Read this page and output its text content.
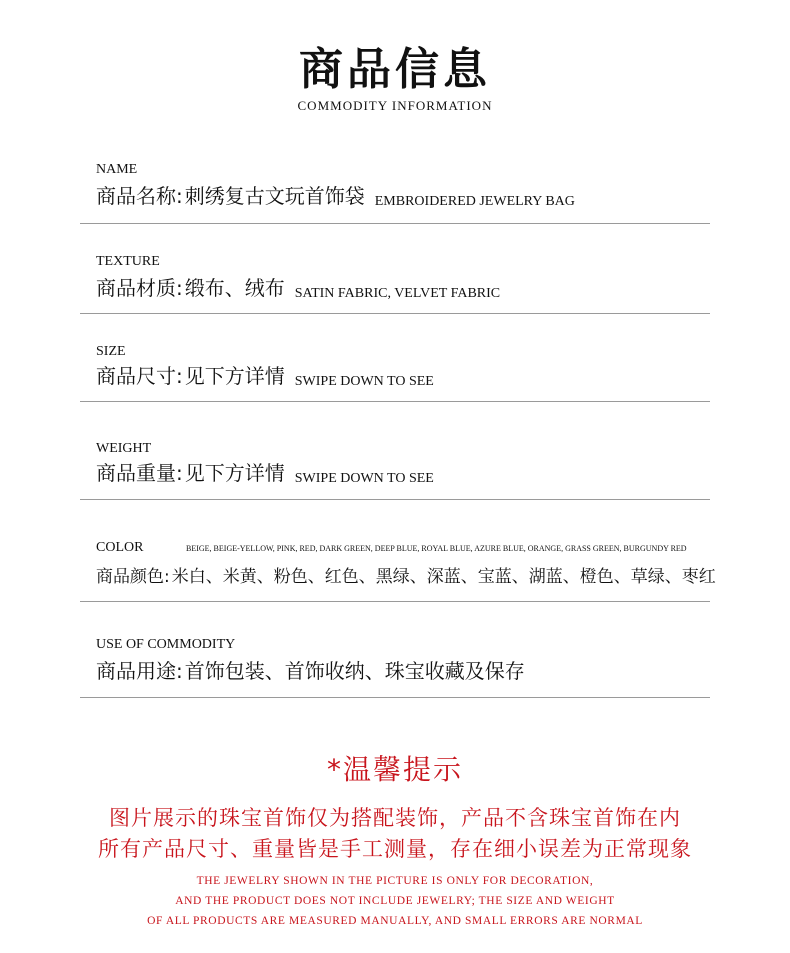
商品信息
COMMODITY INFORMATION
NAME
商品名称: 刺绣复古文玩首饰袋 EMBROIDERED JEWELRY BAG
TEXTURE
商品材质: 缎布、绒布 SATIN FABRIC, VELVET FABRIC
SIZE
商品尺寸: 见下方详情 SWIPE DOWN TO SEE
WEIGHT
商品重量: 见下方详情 SWIPE DOWN TO SEE
COLOR	BEIGE, BEIGE-YELLOW, PINK, RED, DARK GREEN, DEEP BLUE, ROYAL BLUE, AZURE BLUE, ORANGE, GRASS GREEN, BURGUNDY RED
商品颜色: 米白、米黄、粉色、红色、黑绿、深蓝、宝蓝、湖蓝、橙色、草绿、枣红
USE OF COMMODITY
商品用途: 首饰包装、首饰收纳、珠宝收藏及保存
*温馨提示
图片展示的珠宝首饰仅为搭配装饰，产品不含珠宝首饰在内
所有产品尺寸、重量皆是手工测量，存在细小误差为正常现象
THE JEWELRY SHOWN IN THE PICTURE IS ONLY FOR DECORATION,
AND THE PRODUCT DOES NOT INCLUDE JEWELRY; THE SIZE AND WEIGHT
OF ALL PRODUCTS ARE MEASURED MANUALLY, AND SMALL ERRORS ARE NORMAL
